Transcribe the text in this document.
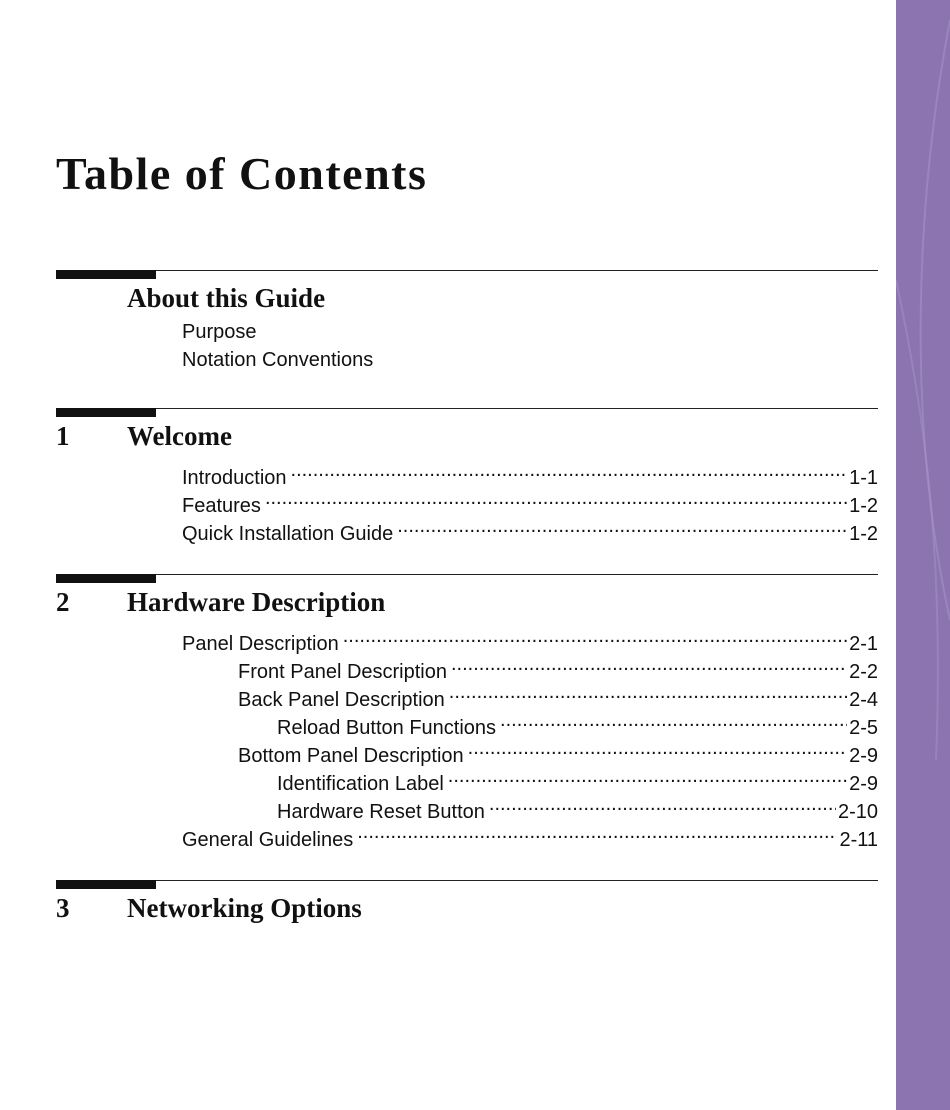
Table of Contents
About this Guide
Purpose
Notation Conventions
1 Welcome
Introduction .....	1-1
Features .....	1-2
Quick Installation Guide .....	1-2
2 Hardware Description
Panel Description .....	2-1
Front Panel Description .....	2-2
Back Panel Description .....	2-4
Reload Button Functions .....	2-5
Bottom Panel Description .....	2-9
Identification Label .....	2-9
Hardware Reset Button .....	2-10
General Guidelines .....	2-11
3 Networking Options
